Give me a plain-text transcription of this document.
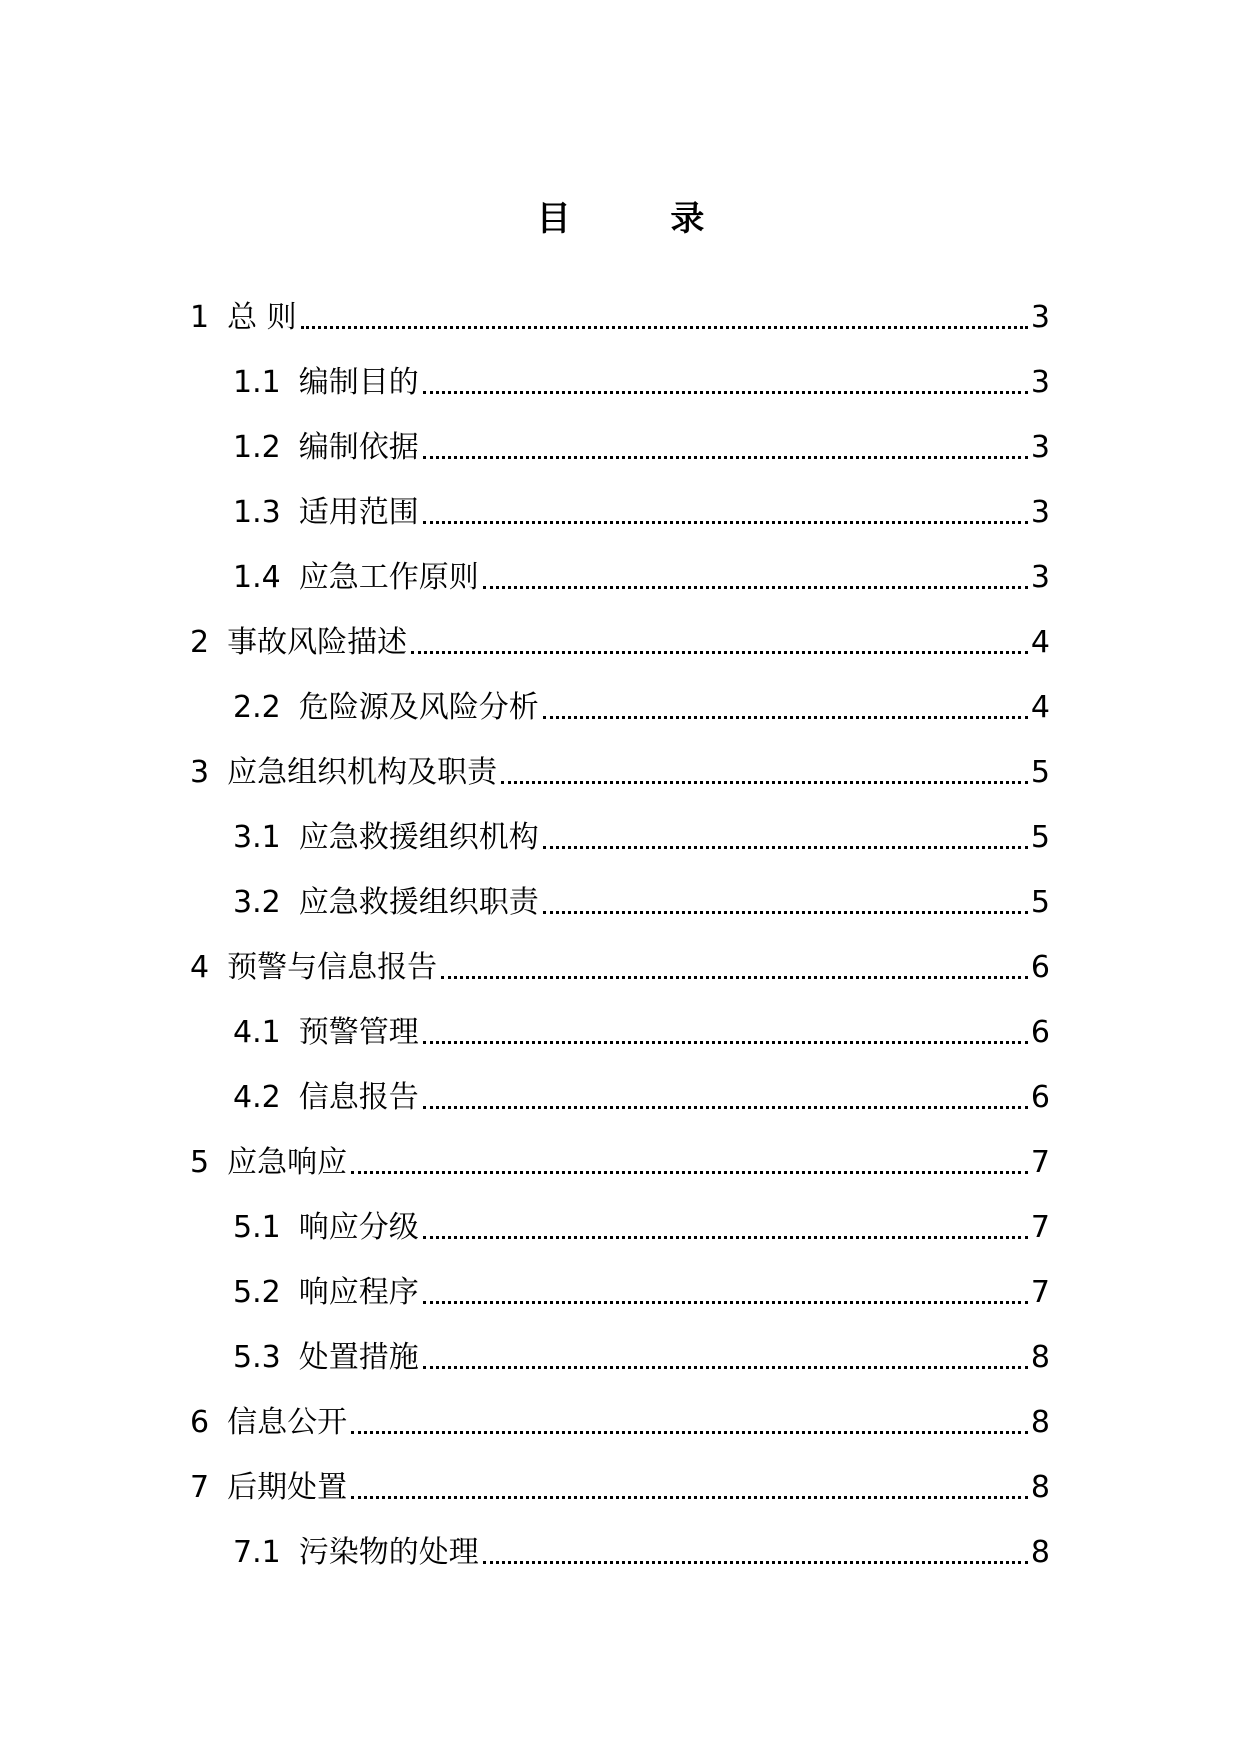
目 录
1 总 则	3
1.1 编制目的	3
1.2 编制依据	3
1.3 适用范围	3
1.4 应急工作原则	3
2 事故风险描述	4
2.2 危险源及风险分析	4
3 应急组织机构及职责	5
3.1 应急救援组织机构	5
3.2 应急救援组织职责	5
4 预警与信息报告	6
4.1 预警管理	6
4.2 信息报告	6
5 应急响应	7
5.1 响应分级	7
5.2 响应程序	7
5.3 处置措施	8
6 信息公开	8
7 后期处置	8
7.1 污染物的处理	8
